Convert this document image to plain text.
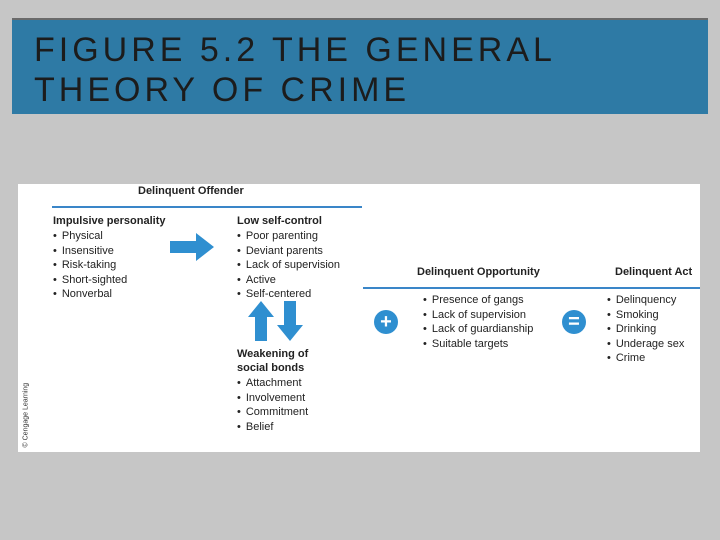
FIGURE 5.2 THE GENERAL
THEORY OF CRIME
© Cengage Learning
Delinquent Offender
Impulsive personality
• Physical
• Insensitive
• Risk-taking
• Short-sighted
• Nonverbal
Low self-control
• Poor parenting
• Deviant parents
• Lack of supervision
• Active
• Self-centered
Weakening of
social bonds
• Attachment
• Involvement
• Commitment
• Belief
Delinquent Opportunity
+
• Presence of gangs
• Lack of supervision
• Lack of guardianship
• Suitable targets
Delinquent Act
=
• Delinquency
• Smoking
• Drinking
• Underage sex
• Crime
